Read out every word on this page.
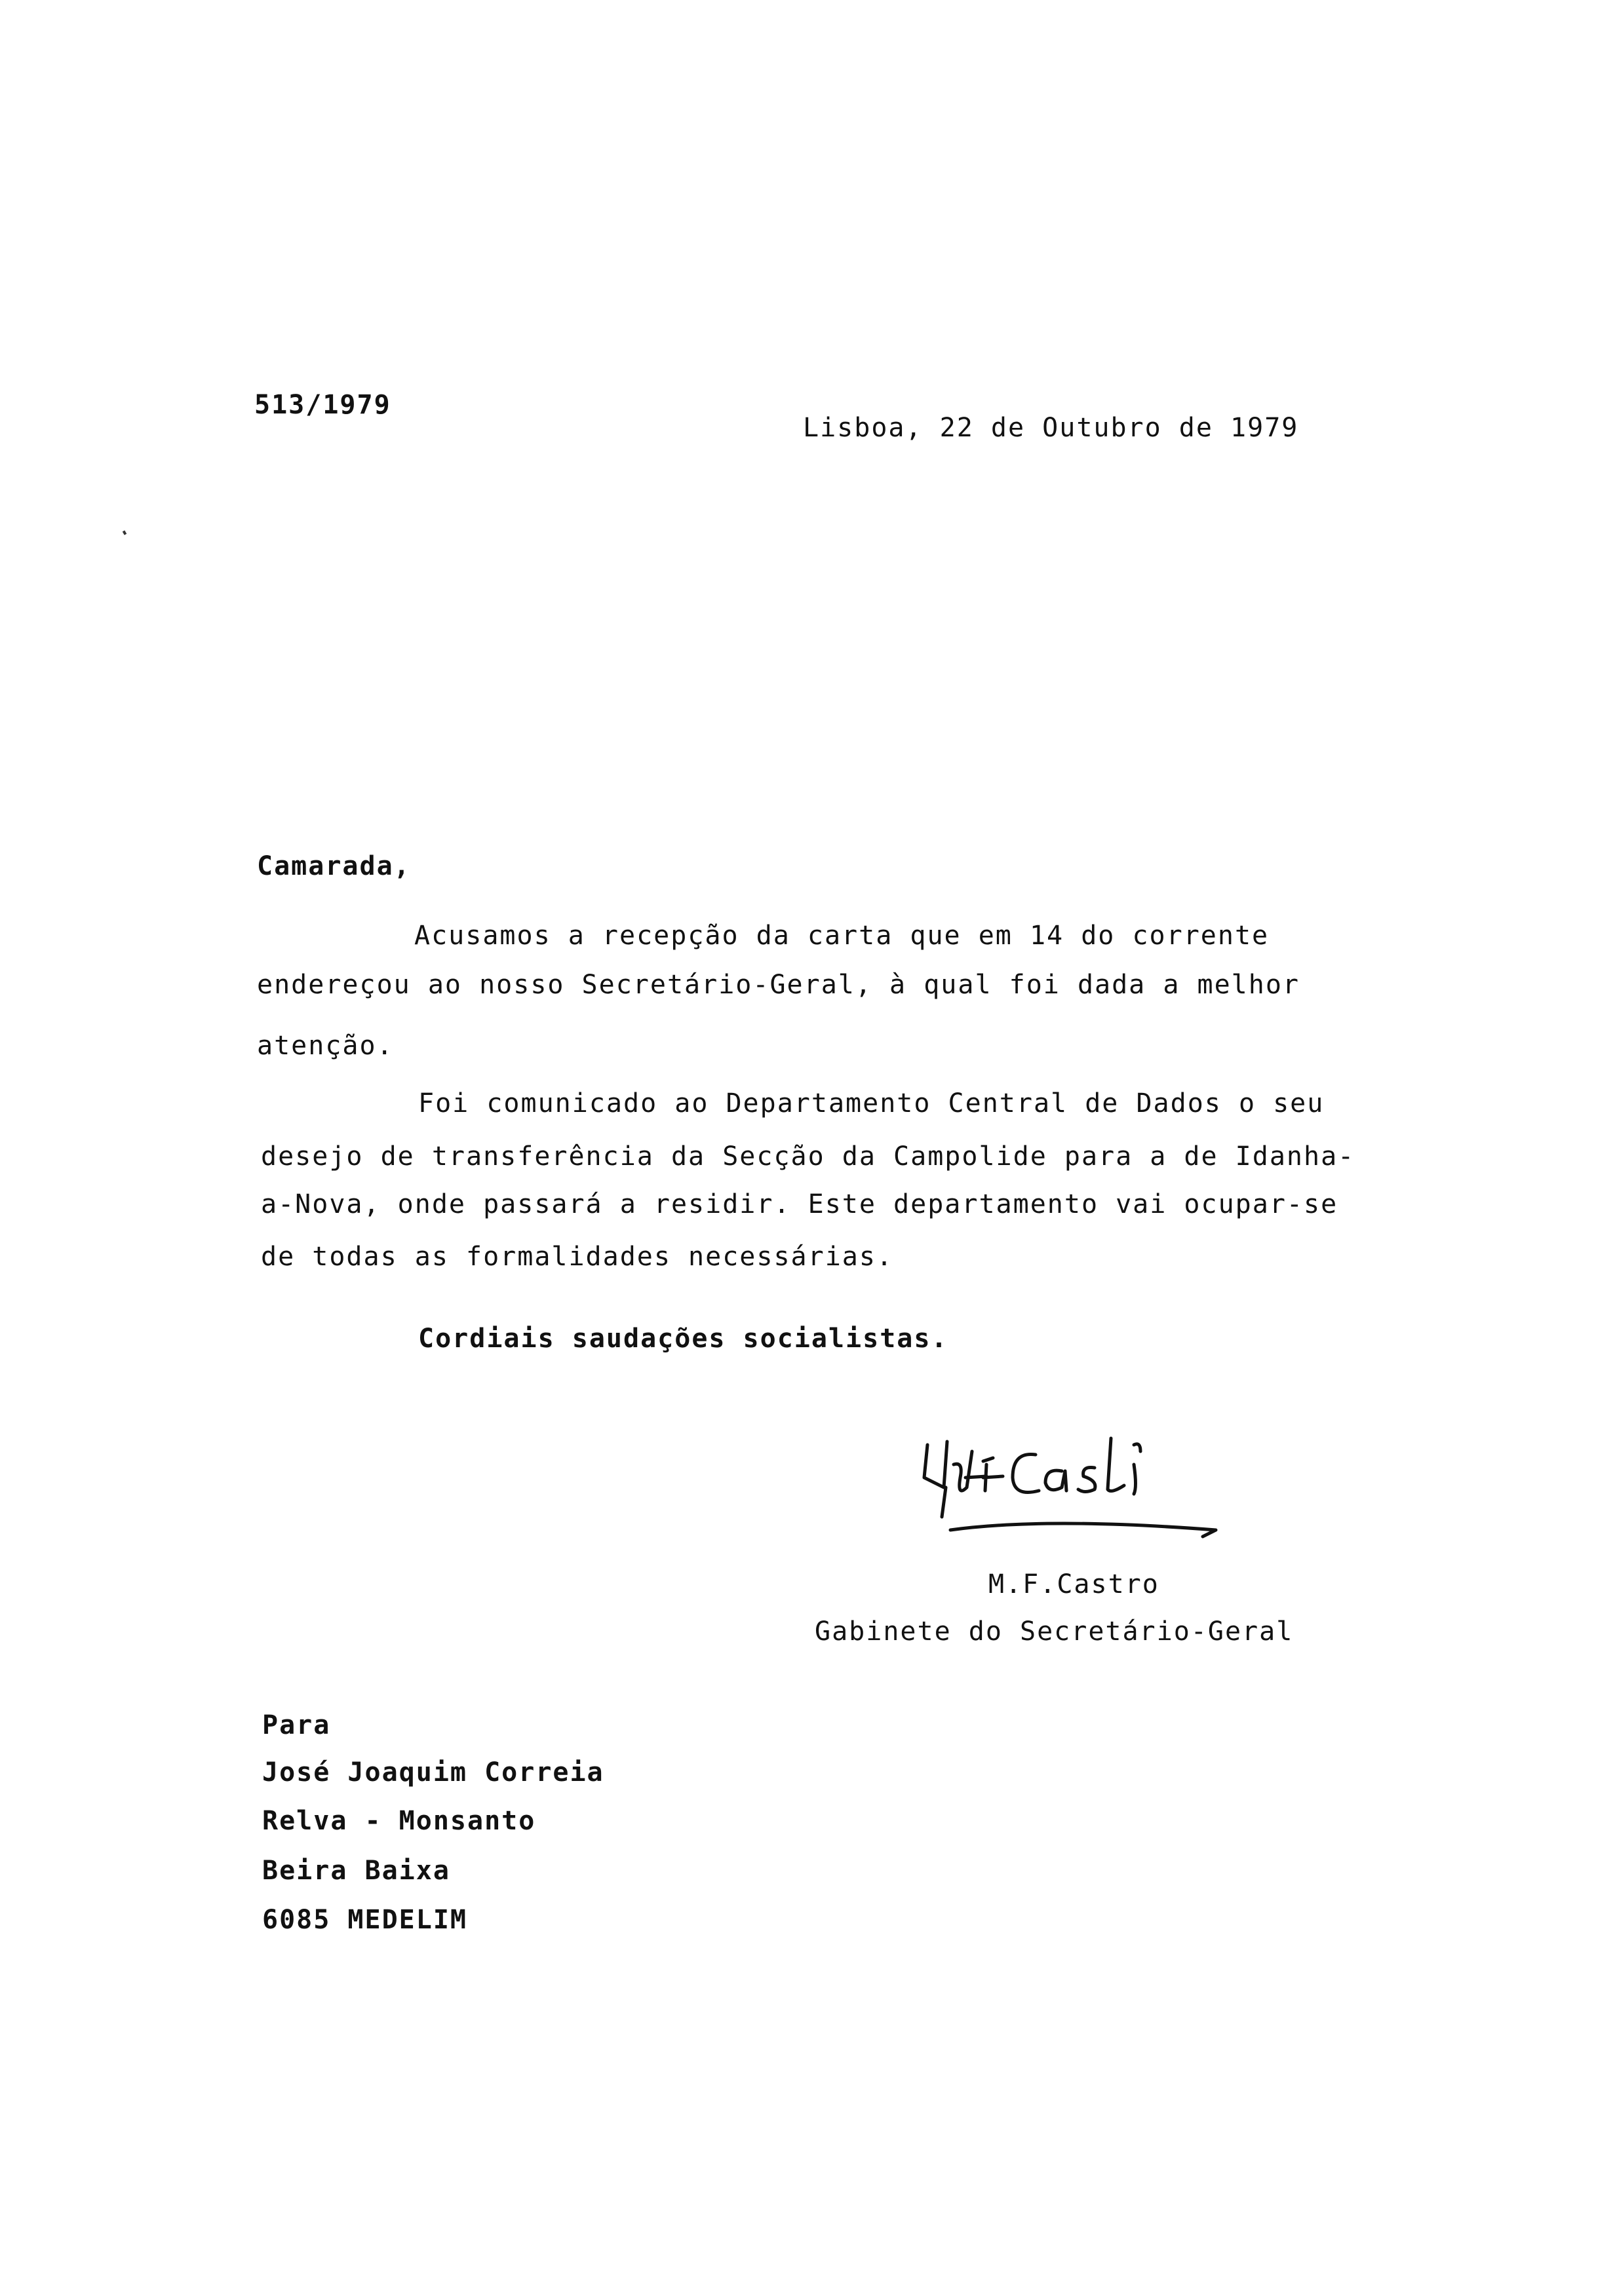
513/1979
Lisboa, 22 de Outubro de 1979
Camarada,
Acusamos a recepção da carta que em 14 do corrente
endereçou ao nosso Secretário-Geral, à qual foi dada a melhor
atenção.
Foi comunicado ao Departamento Central de Dados o seu
desejo de transferência da Secção da Campolide para a de Idanha-
a-Nova, onde passará a residir. Este departamento vai ocupar-se
de todas as formalidades necessárias.
Cordiais saudações socialistas.
M.F.Castro
Gabinete do Secretário-Geral
Para
José Joaquim Correia
Relva - Monsanto
Beira Baixa
6085 MEDELIM
